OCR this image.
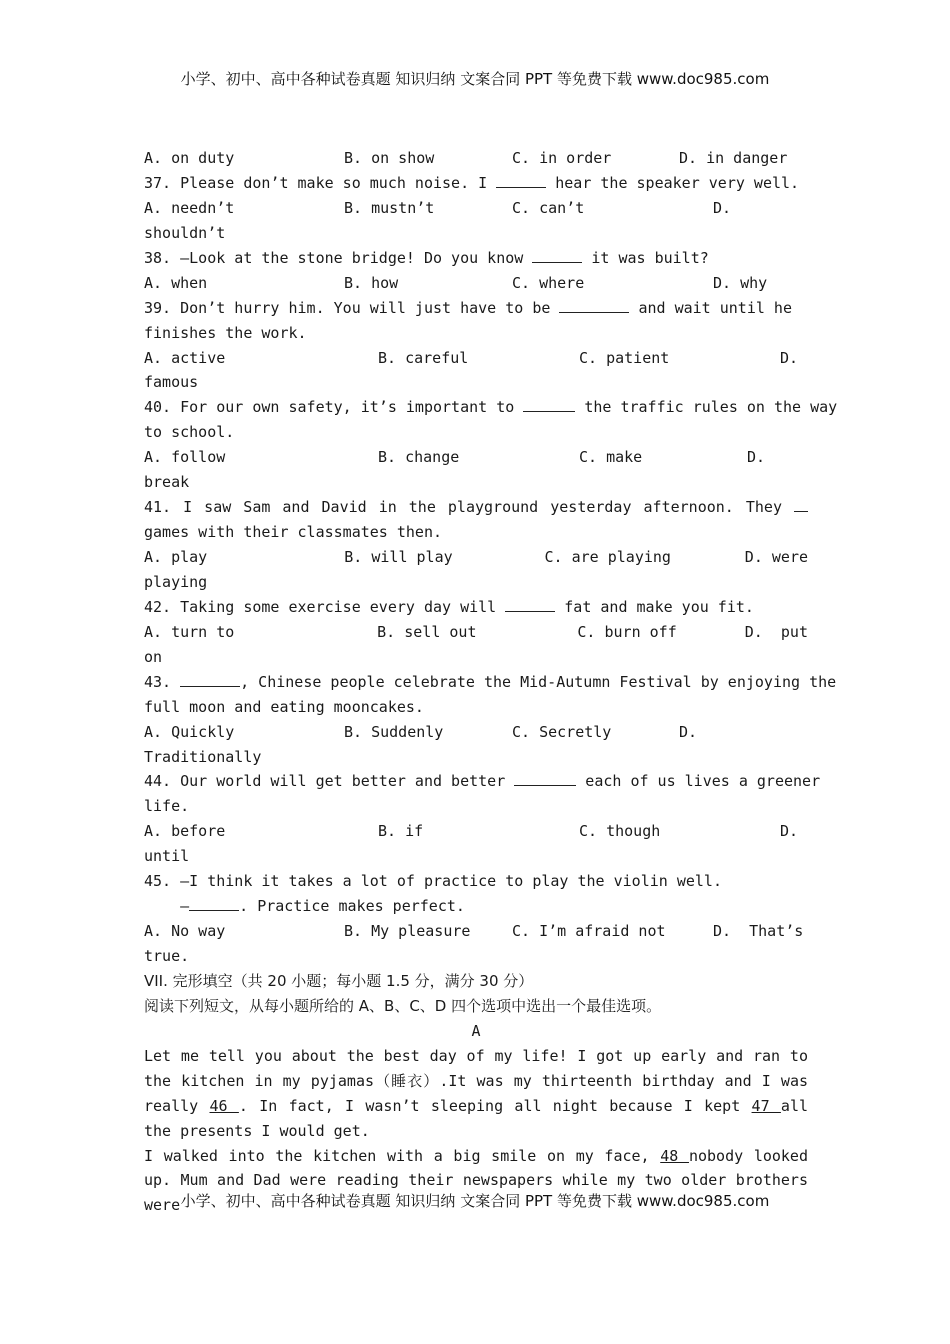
小学、初中、高中各种试卷真题 知识归纳 文案合同 PPT 等免费下载 www.doc985.com
A. on duty	B. on show	C. in order	D. in danger
37. Please don’t make so much noise. I	hear the speaker very well.
A. needn’t	B. mustn’t	C. can’t	D.
shouldn’t
38. —Look at the stone bridge! Do you know	it was built?
A. when	B. how	C. where	D. why
39. Don’t hurry him. You will just have to be	and wait until he
finishes the work.
A. active	B. careful	C. patient	D.
famous
40. For our own safety, it’s important to	the traffic rules on the way
to school.
A. follow	B. change	C. make	D.
break
41. I saw Sam and David in the playground yesterday afternoon. They
games with their classmates then.
A. play	B. will play	C. are playing	D. were
playing
42. Taking some exercise every day will	fat and make you fit.
A. turn to	B. sell out	C. burn off	D.  put
on
43.	, Chinese people celebrate the Mid-Autumn Festival by enjoying the
full moon and eating mooncakes.
A. Quickly	B. Suddenly	C. Secretly	D.
Traditionally
44. Our world will get better and better	each of us lives a greener
life.
A. before	B. if	C. though	D.
until
45. —I think it takes a lot of practice to play the violin well.
—	. Practice makes perfect.
A. No way	B. My pleasure	C. I’m afraid not	D.  That’s
true.
VII. 完形填空（共 20 小题；每小题 1.5 分，满分 30 分）
阅读下列短文，从每小题所给的 A、B、C、D 四个选项中选出一个最佳选项。
A
Let me tell you about the best day of my life! I got up early and ran to
the kitchen in my pyjamas（睡衣）.It was my thirteenth birthday and I was
really 46 . In fact, I wasn’t sleeping all night because I kept 47 all
the presents I would get.
I walked into the kitchen with a big smile on my face, 48 nobody looked
up. Mum and Dad were reading their newspapers while my two older brothers were 小学、初中、高中各种试卷真题 知识归纳 文案合同 PPT 等免费下载 www.doc985.com
